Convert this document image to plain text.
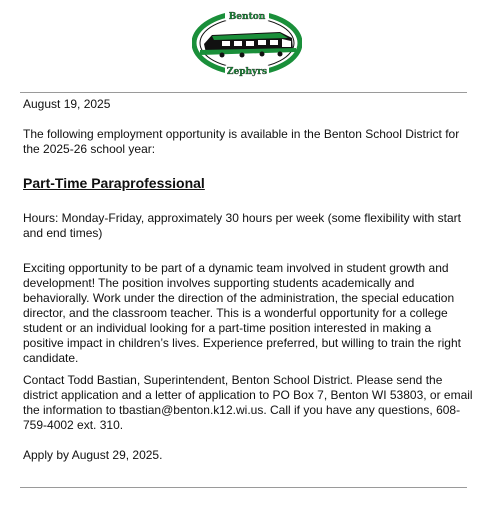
Benton
Zephyrs

August 19, 2025

The following employment opportunity is available in the Benton School District for the 2025-26 school year:

Part-Time Paraprofessional

Hours: Monday-Friday, approximately 30 hours per week (some flexibility with start and end times)

Exciting opportunity to be part of a dynamic team involved in student growth and development! The position involves supporting students academically and behaviorally. Work under the direction of the administration, the special education director, and the classroom teacher. This is a wonderful opportunity for a college student or an individual looking for a part-time position interested in making a positive impact in children’s lives. Experience preferred, but willing to train the right candidate.

Contact Todd Bastian, Superintendent, Benton School District. Please send the district application and a letter of application to PO Box 7, Benton WI 53803, or email the information to tbastian@benton.k12.wi.us. Call if you have any questions, 608-759-4002 ext. 310.

Apply by August 29, 2025.
